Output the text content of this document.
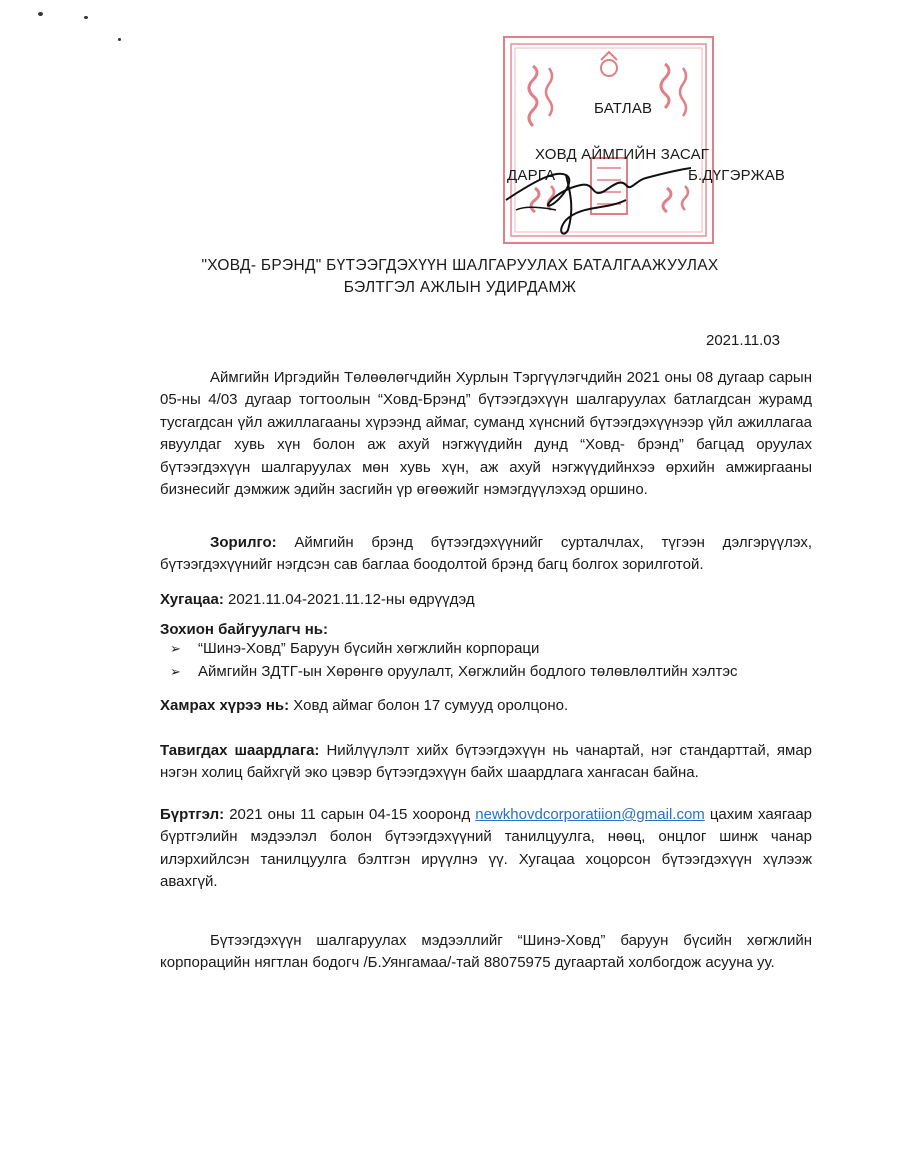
БАТЛАВ
ХОВД АЙМГИЙН ЗАСАГ
ДАРГА	Б.ДҮГЭРЖАВ
"ХОВД- БРЭНД" БҮТЭЭГДЭХҮҮН ШАЛГАРУУЛАХ БАТАЛГААЖУУЛАХ
БЭЛТГЭЛ АЖЛЫН УДИРДАМЖ
2021.11.03
Аймгийн Иргэдийн Төлөөлөгчдийн Хурлын Тэргүүлэгчдийн 2021 оны 08 дугаар сарын 05-ны 4/03 дугаар тогтоолын “Ховд-Брэнд” бүтээгдэхүүн шалгаруулах батлагдсан журамд тусгагдсан үйл ажиллагааны хүрээнд аймаг, суманд хүнсний бүтээгдэхүүнээр үйл ажиллагаа явуулдаг хувь хүн болон аж ахуй нэгжүүдийн дунд “Ховд- брэнд” багцад оруулах бүтээгдэхүүн шалгаруулах мөн хувь хүн, аж ахуй нэгжүүдийнхээ өрхийн амжиргааны бизнесийг дэмжиж эдийн засгийн үр өгөөжийг нэмэгдүүлэхэд оршино.
Зорилго: Аймгийн брэнд бүтээгдэхүүнийг сурталчлах, түгээн дэлгэрүүлэх, бүтээгдэхүүнийг нэгдсэн сав баглаа боодолтой брэнд багц болгох зорилготой.
Хугацаа: 2021.11.04-2021.11.12-ны өдрүүдэд
Зохион байгуулагч нь:
➢ “Шинэ-Ховд” Баруун бүсийн хөгжлийн корпораци
➢ Аймгийн ЗДТГ-ын Хөрөнгө оруулалт, Хөгжлийн бодлого төлөвлөлтийн хэлтэс
Хамрах хүрээ нь: Ховд аймаг болон 17 сумууд оролцоно.
Тавигдах шаардлага: Нийлүүлэлт хийх бүтээгдэхүүн нь чанартай, нэг стандарттай, ямар нэгэн холиц байхгүй эко цэвэр бүтээгдэхүүн байх шаардлага хангасан байна.
Бүртгэл: 2021 оны 11 сарын 04-15 хооронд newkhovdcorporatiion@gmail.com цахим хаягаар бүртгэлийн мэдээлэл болон бүтээгдэхүүний танилцуулга, нөөц, онцлог шинж чанар илэрхийлсэн танилцуулга бэлтгэн ирүүлнэ үү. Хугацаа хоцорсон бүтээгдэхүүн хүлээж авахгүй.
Бүтээгдэхүүн шалгаруулах мэдээллийг “Шинэ-Ховд” баруун бүсийн хөгжлийн корпорацийн нягтлан бодогч /Б.Уянгамаа/-тай 88075975 дугаартай холбогдож асууна уу.
